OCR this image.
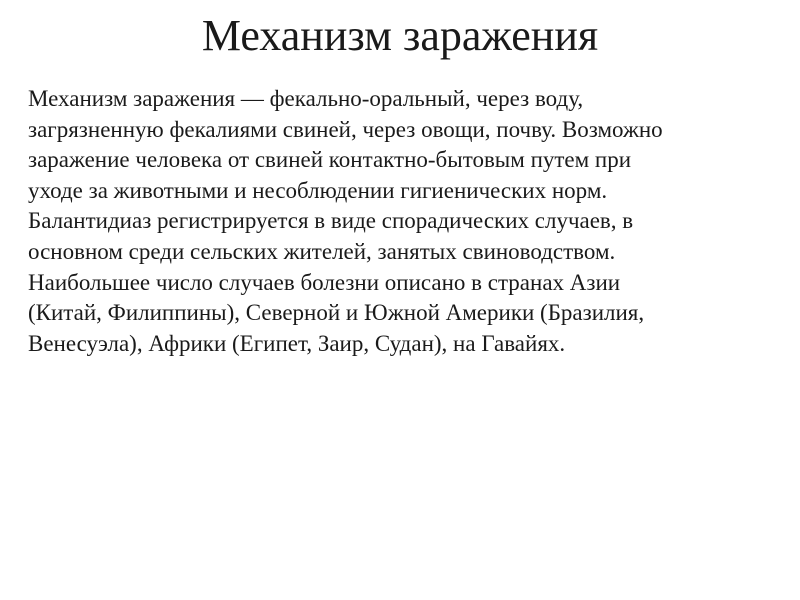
Механизм заражения
Механизм заражения — фекально-оральный, через воду,
загрязненную фекалиями свиней, через овощи, почву. Возможно
заражение человека от свиней контактно-бытовым путем при
уходе за животными и несоблюдении гигиенических норм.
Балантидиаз регистрируется в виде спорадических случаев, в
основном среди сельских жителей, занятых свиноводством.
Наибольшее число случаев болезни описано в странах Азии
(Китай, Филиппины), Северной и Южной Америки (Бразилия,
Венесуэла), Африки (Египет, Заир, Судан), на Гавайях.
